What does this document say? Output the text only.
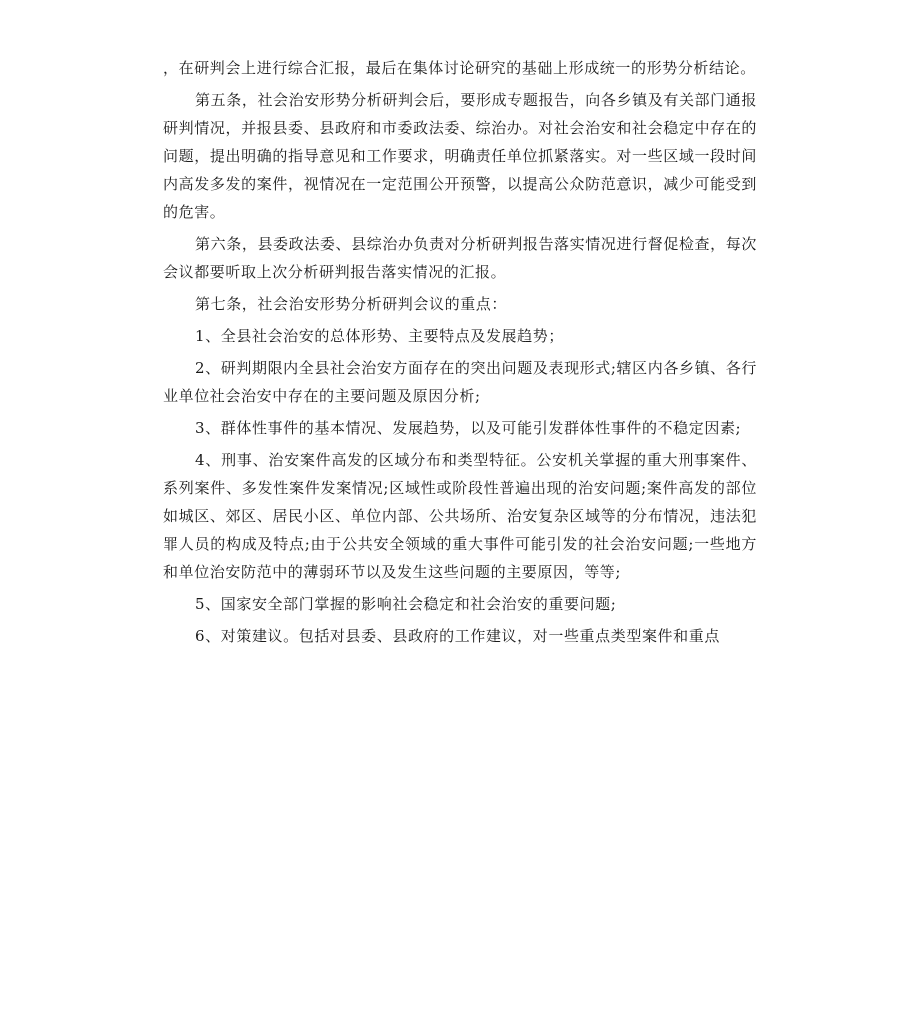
，在研判会上进行综合汇报，最后在集体讨论研究的基础上形成统一的形势分析结论。

第五条，社会治安形势分析研判会后，要形成专题报告，向各乡镇及有关部门通报研判情况，并报县委、县政府和市委政法委、综治办。对社会治安和社会稳定中存在的问题，提出明确的指导意见和工作要求，明确责任单位抓紧落实。对一些区域一段时间内高发多发的案件，视情况在一定范围公开预警，以提高公众防范意识，减少可能受到的危害。

第六条，县委政法委、县综治办负责对分析研判报告落实情况进行督促检查，每次会议都要听取上次分析研判报告落实情况的汇报。

第七条，社会治安形势分析研判会议的重点：

1、全县社会治安的总体形势、主要特点及发展趋势；

2、研判期限内全县社会治安方面存在的突出问题及表现形式;辖区内各乡镇、各行业单位社会治安中存在的主要问题及原因分析;

3、群体性事件的基本情况、发展趋势，以及可能引发群体性事件的不稳定因素;

4、刑事、治安案件高发的区域分布和类型特征。公安机关掌握的重大刑事案件、系列案件、多发性案件发案情况;区域性或阶段性普遍出现的治安问题;案件高发的部位如城区、郊区、居民小区、单位内部、公共场所、治安复杂区域等的分布情况，违法犯罪人员的构成及特点;由于公共安全领域的重大事件可能引发的社会治安问题;一些地方和单位治安防范中的薄弱环节以及发生这些问题的主要原因，等等;

5、国家安全部门掌握的影响社会稳定和社会治安的重要问题;

6、对策建议。包括对县委、县政府的工作建议，对一些重点类型案件和重点
